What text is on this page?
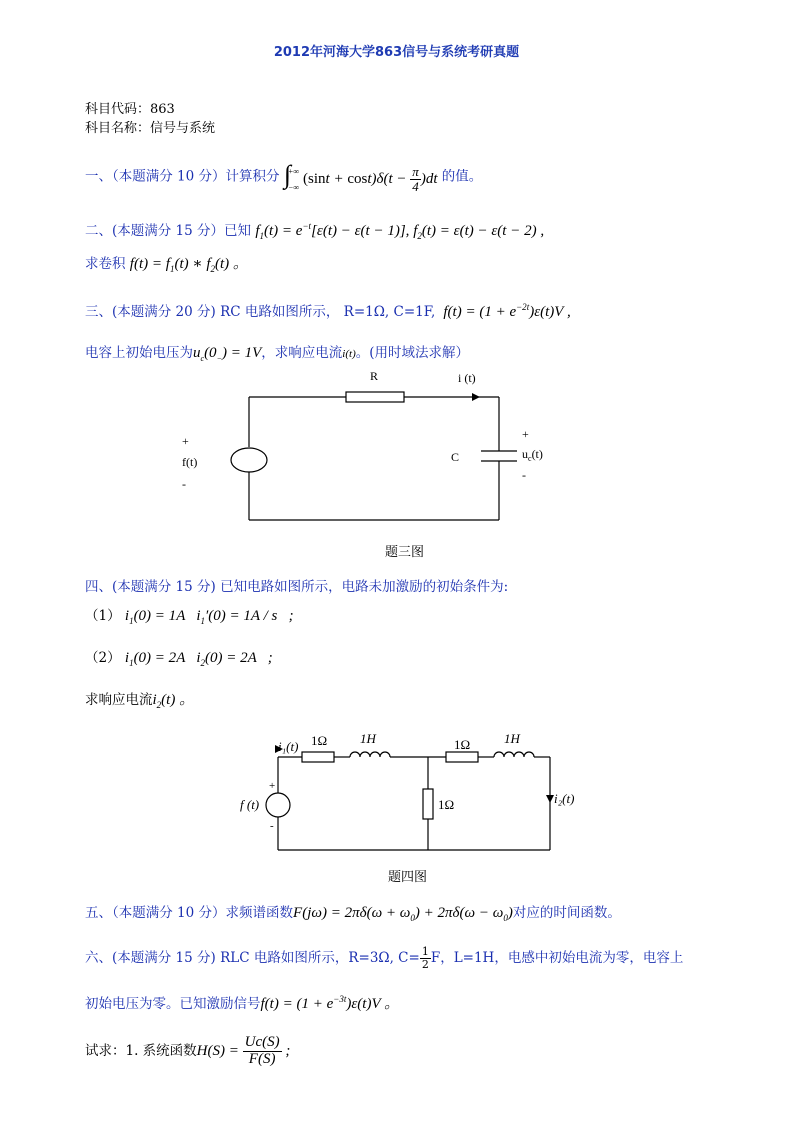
2012年河海大学863信号与系统考研真题
科目代码：863
科目名称：信号与系统
一、（本题满分 10 分）计算积分 ∫
+∞
−∞
$(\sin t + \cos t)\delta(t - \frac{\pi}{4} )dt$ 的值。
二、(本题满分 15 分）已知 $f_1(t) = e^{-t}[\varepsilon(t) - \varepsilon(t - 1)]$, $f_2(t) = \varepsilon(t) - \varepsilon(t - 2)$ ,
求卷积 $f(t) = f_1(t)$ ∗ $f_2(t)$ 。
三、(本题满分 20 分) RC 电路如图所示， R=1Ω, C=1F, $f(t) = (1 + e^{-2t})\varepsilon(t)V$ ,
电容上初始电压为$u_c(0_-) = 1V$，求响应电流i(t)。(用时域法求解）
R	i (t)
+
f(t)
-
C
+
$u_c(t)$
-
题三图
四、(本题满分 15 分) 已知电路如图所示，电路未加激励的初始条件为:
（1） $i_1(0) = 1A$ $i_1'(0) = 1A / s$   ;
（2） $i_1(0) = 2A$ $i_2(0) = 2A$   ;
求响应电流$i_2(t)$ 。
i₁(t) 1Ω	1H	1Ω	1H
1Ω	i₂(t)
f (t)
+
-
题四图
五、（本题满分 10 分）求频谱函数$F(j\omega) = 2\pi\delta(\omega + \omega_0) + 2\pi\delta(\omega - \omega_0)$对应的时间函数。
六、(本题满分 15 分) RLC 电路如图所示，R=3Ω, $C= \frac{1}{2}$ F，L=1H，电感中初始电流为零，电容上
初始电压为零。已知激励信号$f(t) = (1 + e^{-3t})\varepsilon(t)V$ 。
试求：1. 系统函数$H(S) = \frac{Uc(S)}{F(S)}$ ;
